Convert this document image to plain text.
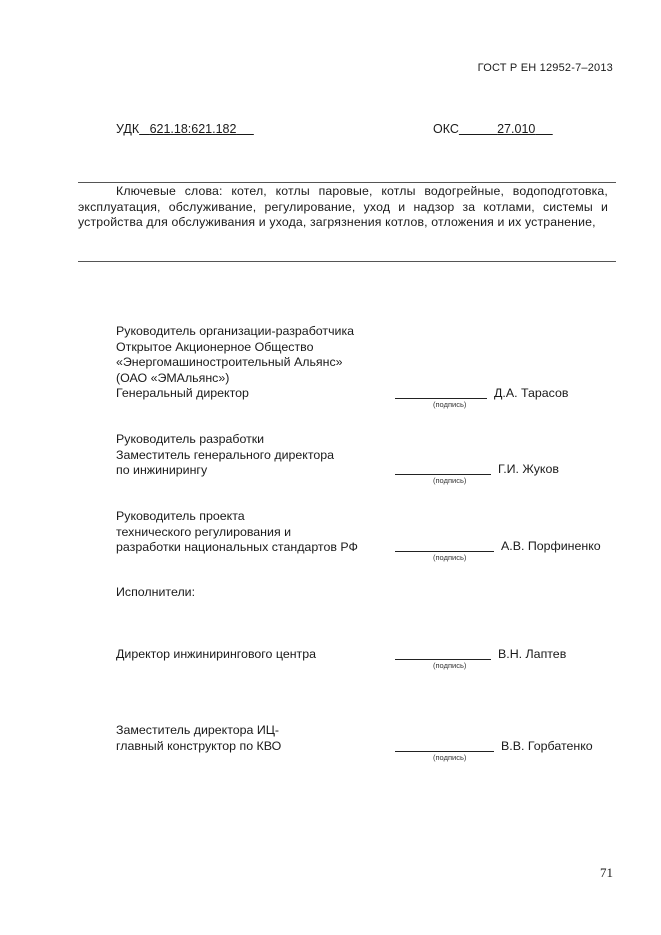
ГОСТ Р ЕН 12952-7–2013
УДК 621.18:621.182	ОКС	27.010
Ключевые слова: котел, котлы паровые, котлы водогрейные, водоподготовка, эксплуатация, обслуживание, регулирование, уход и надзор за котлами, системы и устройства для обслуживания и ухода, загрязнения котлов, отложения и их устранение,
Руководитель организации-разработчика
Открытое Акционерное Общество
«Энергомашиностроительный Альянс»
(ОАО «ЭМАльянс»)
Генеральный директор
(подпись)
Д.А. Тарасов
Руководитель разработки
Заместитель генерального директора
по инжинирингу
(подпись)
Г.И. Жуков
Руководитель проекта
технического регулирования и
разработки национальных стандартов РФ
(подпись)
А.В. Порфиненко
Исполнители:
Директор инжинирингового центра
(подпись)
В.Н. Лаптев
Заместитель директора ИЦ-
главный конструктор по КВО
(подпись)
В.В. Горбатенко
71
